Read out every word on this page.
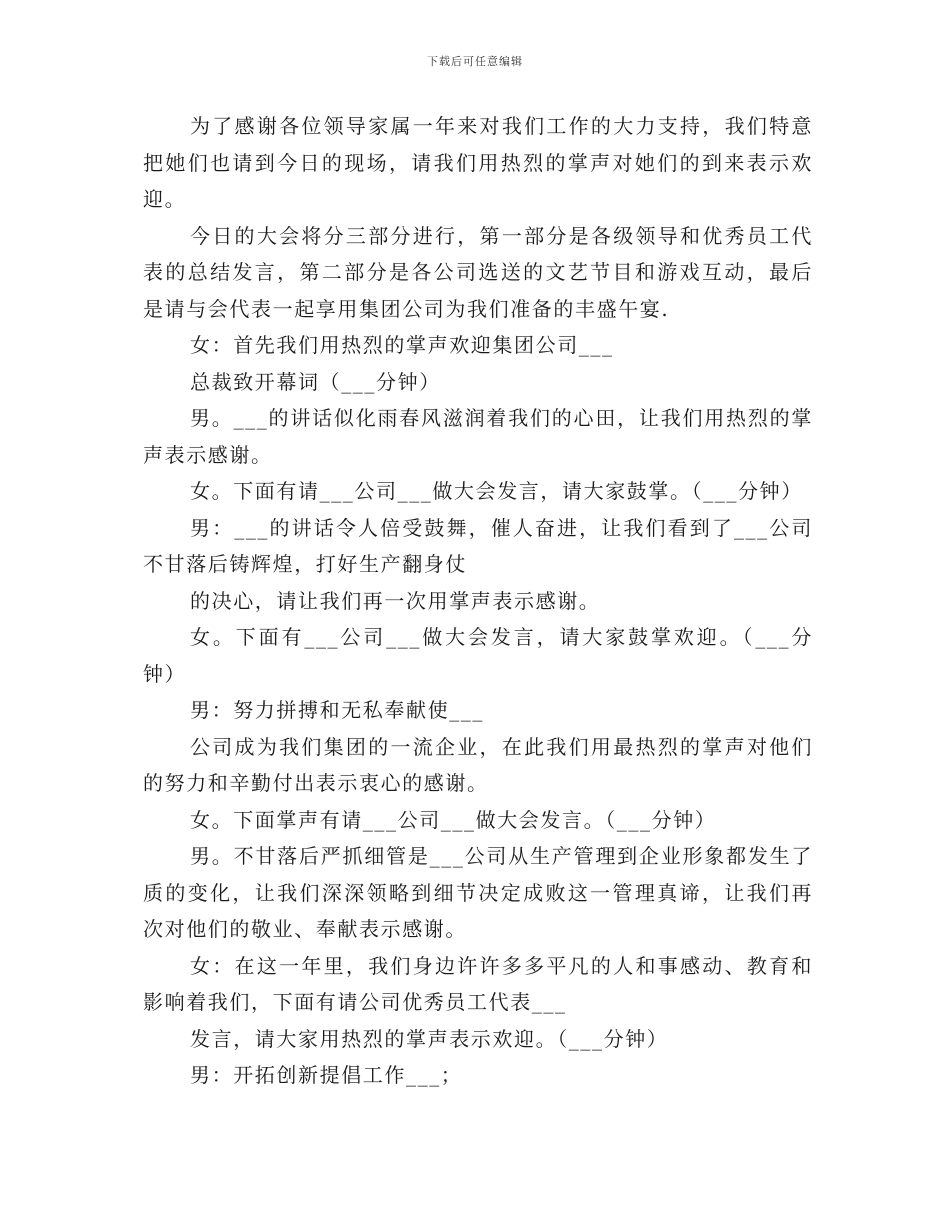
下载后可任意编辑
为了感谢各位领导家属一年来对我们工作的大力支持，我们特意
把她们也请到今日的现场，请我们用热烈的掌声对她们的到来表示欢
迎。
今日的大会将分三部分进行，第一部分是各级领导和优秀员工代
表的总结发言，第二部分是各公司选送的文艺节目和游戏互动，最后
是请与会代表一起享用集团公司为我们准备的丰盛午宴.
女：首先我们用热烈的掌声欢迎集团公司___
总裁致开幕词（___分钟）
男。___的讲话似化雨春风滋润着我们的心田，让我们用热烈的掌
声表示感谢。
女。下面有请___公司___做大会发言，请大家鼓掌。（___分钟）
男：___的讲话令人倍受鼓舞，催人奋进，让我们看到了___公司
不甘落后铸辉煌，打好生产翻身仗
的决心，请让我们再一次用掌声表示感谢。
女。下面有___公司___做大会发言，请大家鼓掌欢迎。（___分
钟）
男：努力拼搏和无私奉献使___
公司成为我们集团的一流企业，在此我们用最热烈的掌声对他们
的努力和辛勤付出表示衷心的感谢。
女。下面掌声有请___公司___做大会发言。（___分钟）
男。不甘落后严抓细管是___公司从生产管理到企业形象都发生了
质的变化，让我们深深领略到细节决定成败这一管理真谛，让我们再
次对他们的敬业、奉献表示感谢。
女：在这一年里，我们身边许许多多平凡的人和事感动、教育和
影响着我们，下面有请公司优秀员工代表___
发言，请大家用热烈的掌声表示欢迎。（___分钟）
男：开拓创新提倡工作___；
